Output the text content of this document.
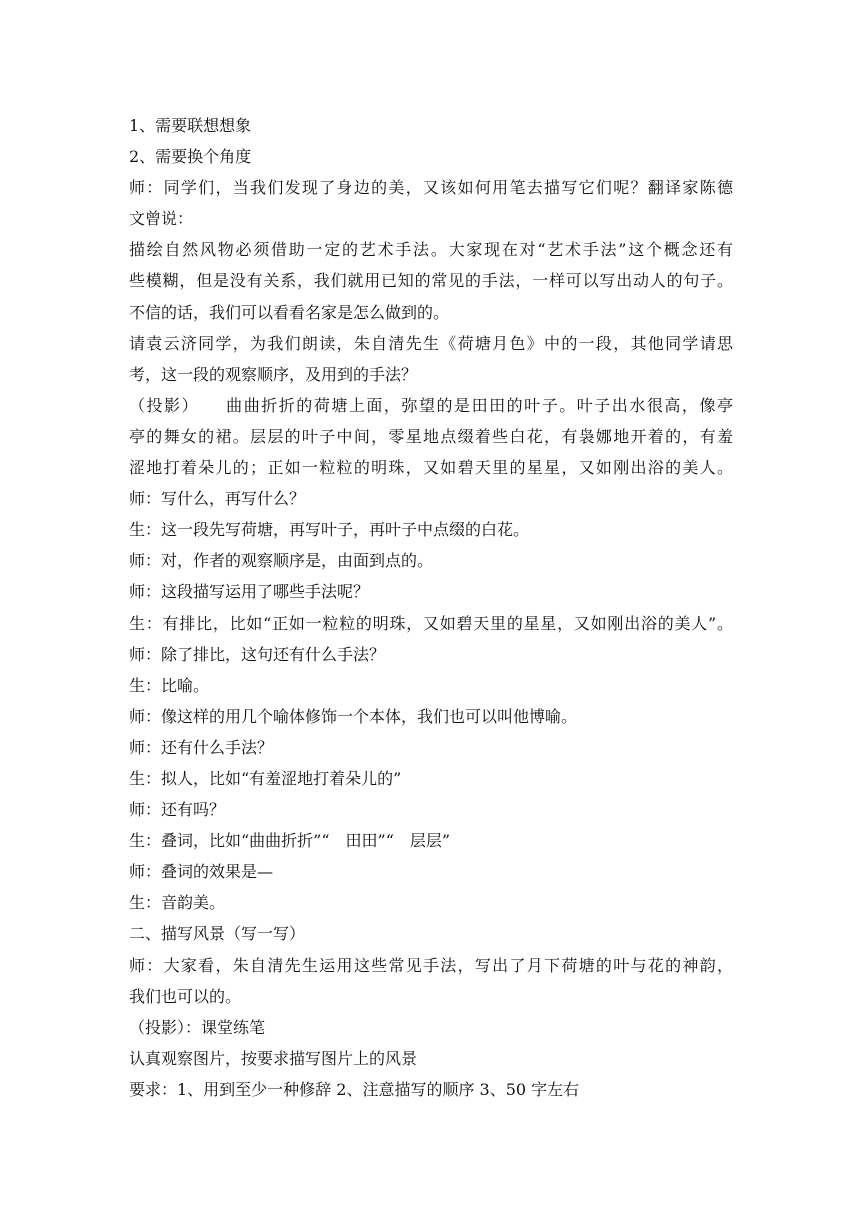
1、需要联想想象
2、需要换个角度
师：同学们，当我们发现了身边的美，又该如何用笔去描写它们呢？翻译家陈德
文曾说：
描绘自然风物必须借助一定的艺术手法。大家现在对“艺术手法”这个概念还有
些模糊，但是没有关系，我们就用已知的常见的手法，一样可以写出动人的句子。
不信的话，我们可以看看名家是怎么做到的。
请袁云济同学，为我们朗读，朱自清先生《荷塘月色》中的一段，其他同学请思
考，这一段的观察顺序，及用到的手法？
（投影）　　曲曲折折的荷塘上面，弥望的是田田的叶子。叶子出水很高，像亭
亭的舞女的裙。层层的叶子中间，零星地点缀着些白花，有袅娜地开着的，有羞
涩地打着朵儿的；正如一粒粒的明珠，又如碧天里的星星，又如刚出浴的美人。
师：写什么，再写什么？
生：这一段先写荷塘，再写叶子，再叶子中点缀的白花。
师：对，作者的观察顺序是，由面到点的。
师：这段描写运用了哪些手法呢？
生：有排比，比如“正如一粒粒的明珠，又如碧天里的星星，又如刚出浴的美人”。
师：除了排比，这句还有什么手法？
生：比喻。
师：像这样的用几个喻体修饰一个本体，我们也可以叫他博喻。
师：还有什么手法？
生：拟人，比如“有羞涩地打着朵儿的”
师：还有吗？
生：叠词，比如“曲曲折折”“　田田”“　层层”
师：叠词的效果是—
生：音韵美。
二、描写风景（写一写）
师：大家看，朱自清先生运用这些常见手法，写出了月下荷塘的叶与花的神韵，
我们也可以的。
（投影）：课堂练笔
认真观察图片，按要求描写图片上的风景
要求：1、用到至少一种修辞 2、注意描写的顺序 3、50 字左右
